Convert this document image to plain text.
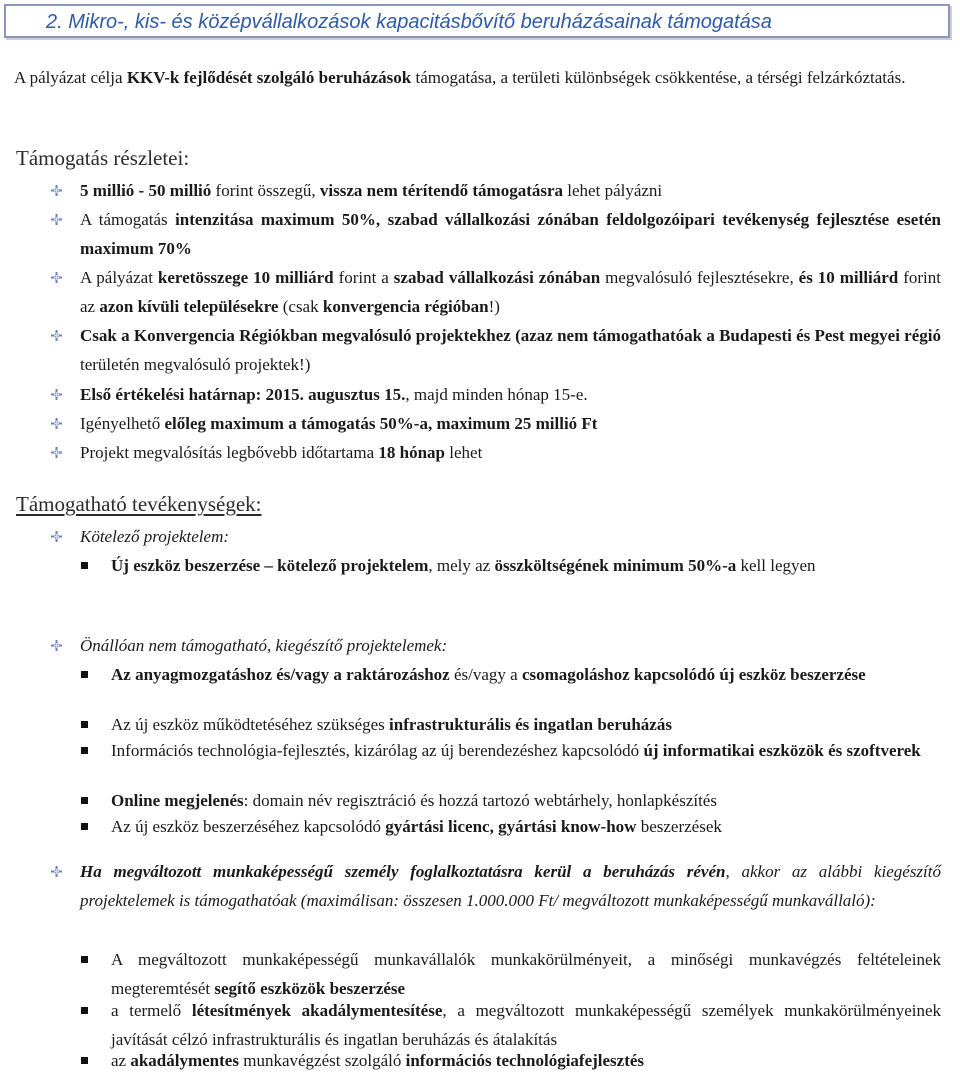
2. Mikro-, kis- és középvállalkozások kapacitásbővítő beruházásainak támogatása
A pályázat célja KKV-k fejlődését szolgáló beruházások támogatása, a területi különbségek csökkentése, a térségi felzárkóztatás.
Támogatás részletei:
5 millió - 50 millió forint összegű, vissza nem térítendő támogatásra lehet pályázni
A támogatás intenzitása maximum 50%, szabad vállalkozási zónában feldolgozóipari tevékenység fejlesztése esetén maximum 70%
A pályázat keretösszege 10 milliárd forint a szabad vállalkozási zónában megvalósuló fejlesztésekre, és 10 milliárd forint az azon kívüli településekre (csak konvergencia régióban!)
Csak a Konvergencia Régiókban megvalósuló projektekhez (azaz nem támogathatóak a Budapesti és Pest megyei régió területén megvalósuló projektek!)
Első értékelési határnap: 2015. augusztus 15., majd minden hónap 15-e.
Igényelhető előleg maximum a támogatás 50%-a, maximum 25 millió Ft
Projekt megvalósítás legbővebb időtartama 18 hónap lehet
Támogatható tevékenységek:
Kötelező projektelem:
Új eszköz beszerzése – kötelező projektelem, mely az összköltségének minimum 50%-a kell legyen
Önállóan nem támogatható, kiegészítő projektelemek:
Az anyagmozgatáshoz és/vagy a raktározáshoz és/vagy a csomagoláshoz kapcsolódó új eszköz beszerzése
Az új eszköz működtetéséhez szükséges infrastrukturális és ingatlan beruházás
Információs technológia-fejlesztés, kizárólag az új berendezéshez kapcsolódó új informatikai eszközök és szoftverek
Online megjelenés: domain név regisztráció és hozzá tartozó webtárhely, honlapkészítés
Az új eszköz beszerzéséhez kapcsolódó gyártási licenc, gyártási know-how beszerzések
Ha megváltozott munkaképességű személy foglalkoztatásra kerül a beruházás révén, akkor az alábbi kiegészítő projektelemek is támogathatóak (maximálisan: összesen 1.000.000 Ft/ megváltozott munkaképességű munkavállaló):
A megváltozott munkaképességű munkavállalók munkakörülményeit, a minőségi munkavégzés feltételeinek megteremtését segítő eszközök beszerzése
a termelő létesítmények akadálymentesítése, a megváltozott munkaképességű személyek munkakörülményeinek javítását célzó infrastrukturális és ingatlan beruházás és átalakítás
az akadálymentes munkavégzést szolgáló információs technológiafejlesztés
